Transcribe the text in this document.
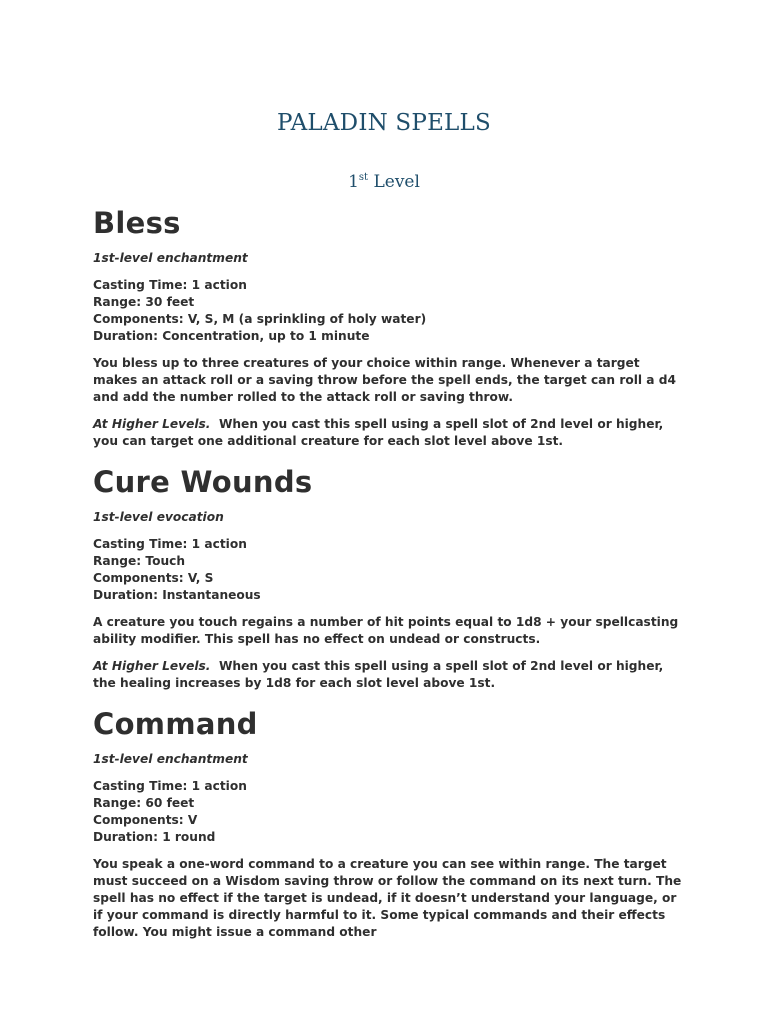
PALADIN SPELLS
1st Level
Bless
1st-level enchantment
Casting Time: 1 action
Range: 30 feet
Components: V, S, M (a sprinkling of holy water)
Duration: Concentration, up to 1 minute

You bless up to three creatures of your choice within range. Whenever a target makes an attack roll or a saving throw before the spell ends, the target can roll a d4 and add the number rolled to the attack roll or saving throw.

At Higher Levels. When you cast this spell using a spell slot of 2nd level or higher, you can target one additional creature for each slot level above 1st.

Cure Wounds
1st-level evocation
Casting Time: 1 action
Range: Touch
Components: V, S
Duration: Instantaneous

A creature you touch regains a number of hit points equal to 1d8 + your spellcasting ability modifier. This spell has no effect on undead or constructs.

At Higher Levels. When you cast this spell using a spell slot of 2nd level or higher, the healing increases by 1d8 for each slot level above 1st.

Command
1st-level enchantment
Casting Time: 1 action
Range: 60 feet
Components: V
Duration: 1 round

You speak a one-word command to a creature you can see within range. The target must succeed on a Wisdom saving throw or follow the command on its next turn. The spell has no effect if the target is undead, if it doesn’t understand your language, or if your command is directly harmful to it. Some typical commands and their effects follow. You might issue a command other
